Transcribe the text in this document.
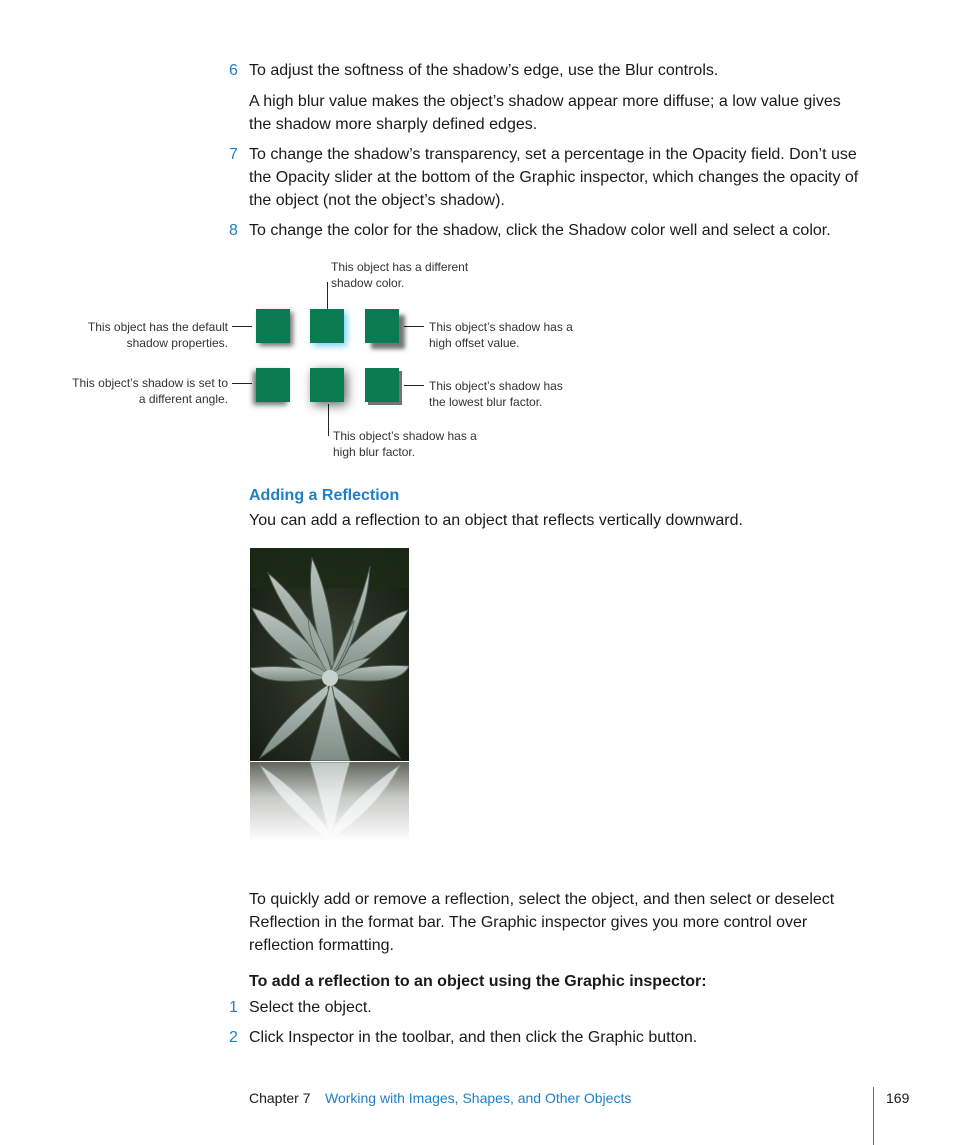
6 To adjust the softness of the shadow’s edge, use the Blur controls.

A high blur value makes the object’s shadow appear more diffuse; a low value gives the shadow more sharply defined edges.

7 To change the shadow’s transparency, set a percentage in the Opacity field. Don’t use the Opacity slider at the bottom of the Graphic inspector, which changes the opacity of the object (not the object’s shadow).
8 To change the color for the shadow, click the Shadow color well and select a color.
This object has a different shadow color.
This object has the default shadow properties.
This object’s shadow is set to a different angle.
This object’s shadow has a high offset value.
This object’s shadow has the lowest blur factor.
This object’s shadow has a high blur factor.
Adding a Reflection

You can add a reflection to an object that reflects vertically downward.

To quickly add or remove a reflection, select the object, and then select or deselect Reflection in the format bar. The Graphic inspector gives you more control over reflection formatting.

To add a reflection to an object using the Graphic inspector:
1 Select the object.
2 Click Inspector in the toolbar, and then click the Graphic button.
Chapter 7 Working with Images, Shapes, and Other Objects	169
